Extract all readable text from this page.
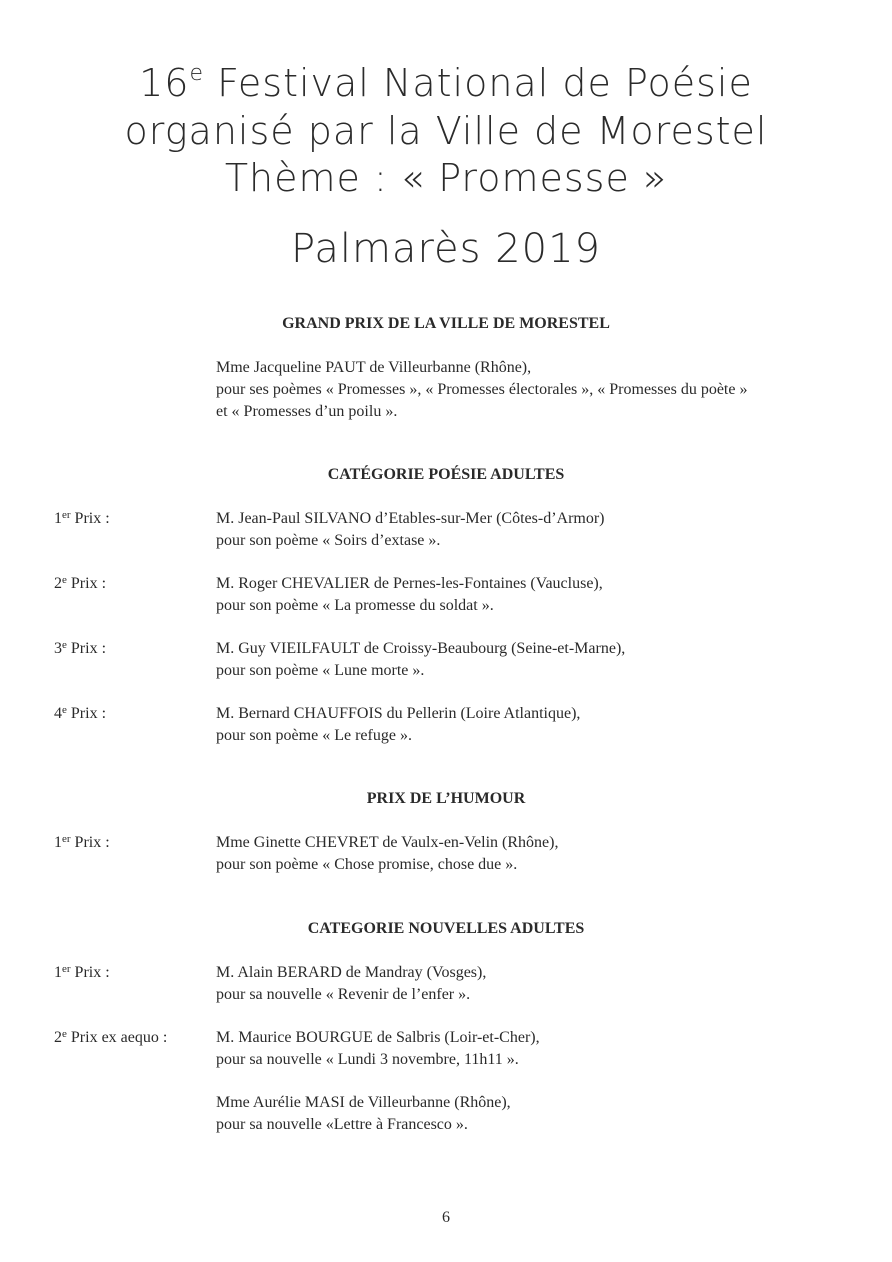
16e Festival National de Poésie
organisé par la Ville de Morestel
Thème : « Promesse »
Palmarès 2019
GRAND PRIX DE LA VILLE DE MORESTEL
Mme Jacqueline PAUT de Villeurbanne (Rhône),
pour ses poèmes « Promesses », « Promesses électorales », « Promesses du poète »
et « Promesses d’un poilu ».
CATÉGORIE POÉSIE ADULTES
1er Prix :	M. Jean-Paul SILVANO d’Etables-sur-Mer (Côtes-d’Armor)
pour son poème « Soirs d’extase ».
2e Prix :	M. Roger CHEVALIER de Pernes-les-Fontaines (Vaucluse),
pour son poème « La promesse du soldat ».
3e Prix :	M. Guy VIEILFAULT de Croissy-Beaubourg (Seine-et-Marne),
pour son poème « Lune morte ».
4e Prix :	M. Bernard CHAUFFOIS du Pellerin (Loire Atlantique),
pour son poème « Le refuge ».
PRIX DE L’HUMOUR
1er Prix :	Mme Ginette CHEVRET de Vaulx-en-Velin (Rhône),
pour son poème « Chose promise, chose due ».
CATEGORIE NOUVELLES ADULTES
1er Prix :	M. Alain BERARD de Mandray (Vosges),
pour sa nouvelle « Revenir de l’enfer ».
2e Prix ex aequo :	M. Maurice BOURGUE de Salbris (Loir-et-Cher),
pour sa nouvelle « Lundi 3 novembre, 11h11 ».
Mme Aurélie MASI de Villeurbanne (Rhône),
pour sa nouvelle «Lettre à Francesco ».
6
